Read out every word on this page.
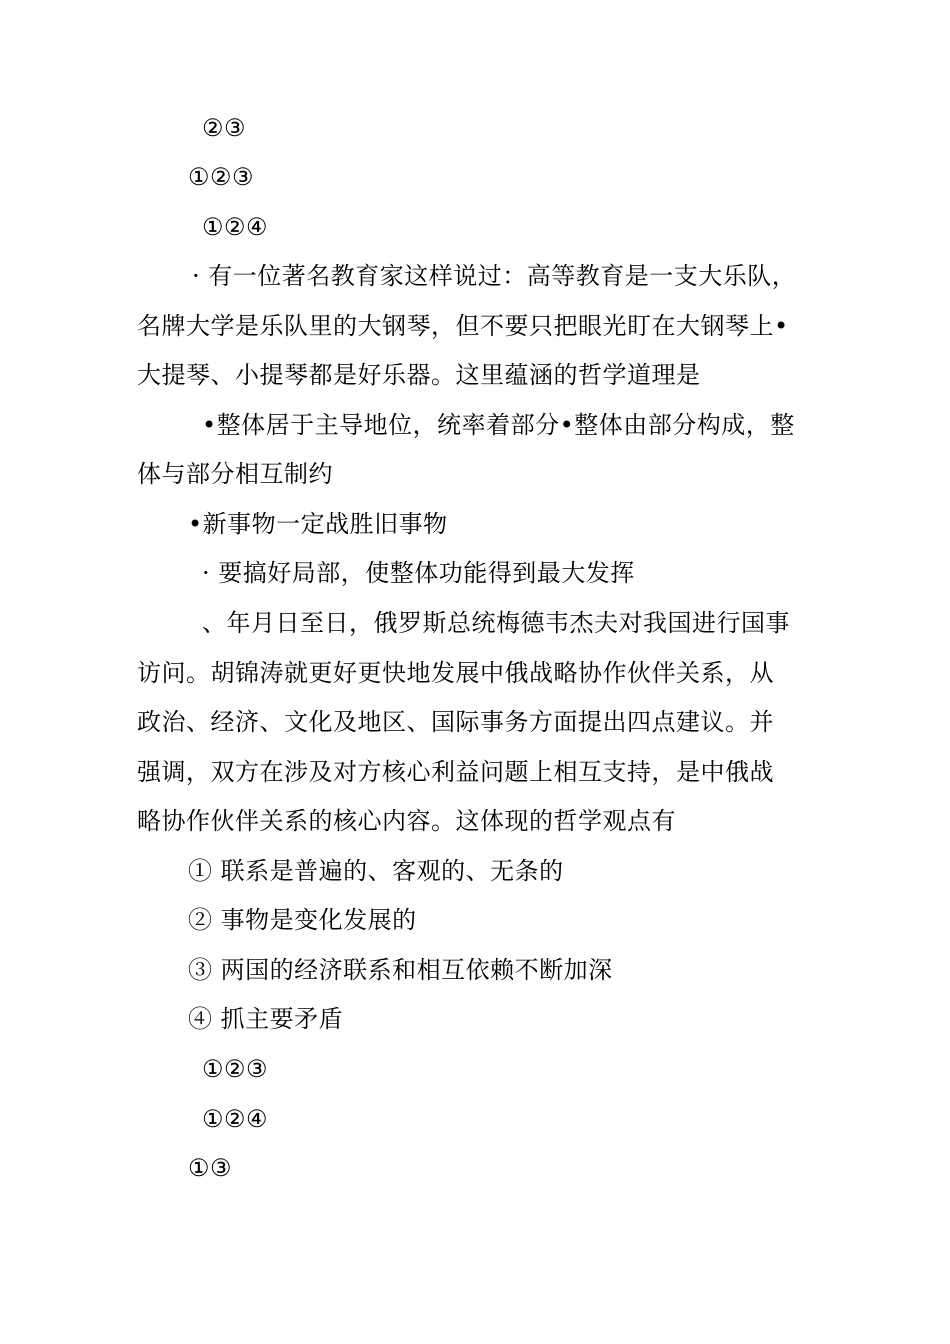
②③
①②③
①②④
· 有一位著名教育家这样说过：高等教育是一支大乐队，
名牌大学是乐队里的大钢琴，但不要只把眼光盯在大钢琴上•
大提琴、小提琴都是好乐器。这里蕴涵的哲学道理是
•整体居于主导地位，统率着部分•整体由部分构成，整
体与部分相互制约
•新事物一定战胜旧事物
· 要搞好局部，使整体功能得到最大发挥
、年月日至日，俄罗斯总统梅德韦杰夫对我国进行国事
访问。胡锦涛就更好更快地发展中俄战略协作伙伴关系，从
政治、经济、文化及地区、国际事务方面提出四点建议。并
强调，双方在涉及对方核心利益问题上相互支持，是中俄战
略协作伙伴关系的核心内容。这体现的哲学观点有
① 联系是普遍的、客观的、无条的
② 事物是变化发展的
③ 两国的经济联系和相互依赖不断加深
④ 抓主要矛盾
①②③
①②④
①③
